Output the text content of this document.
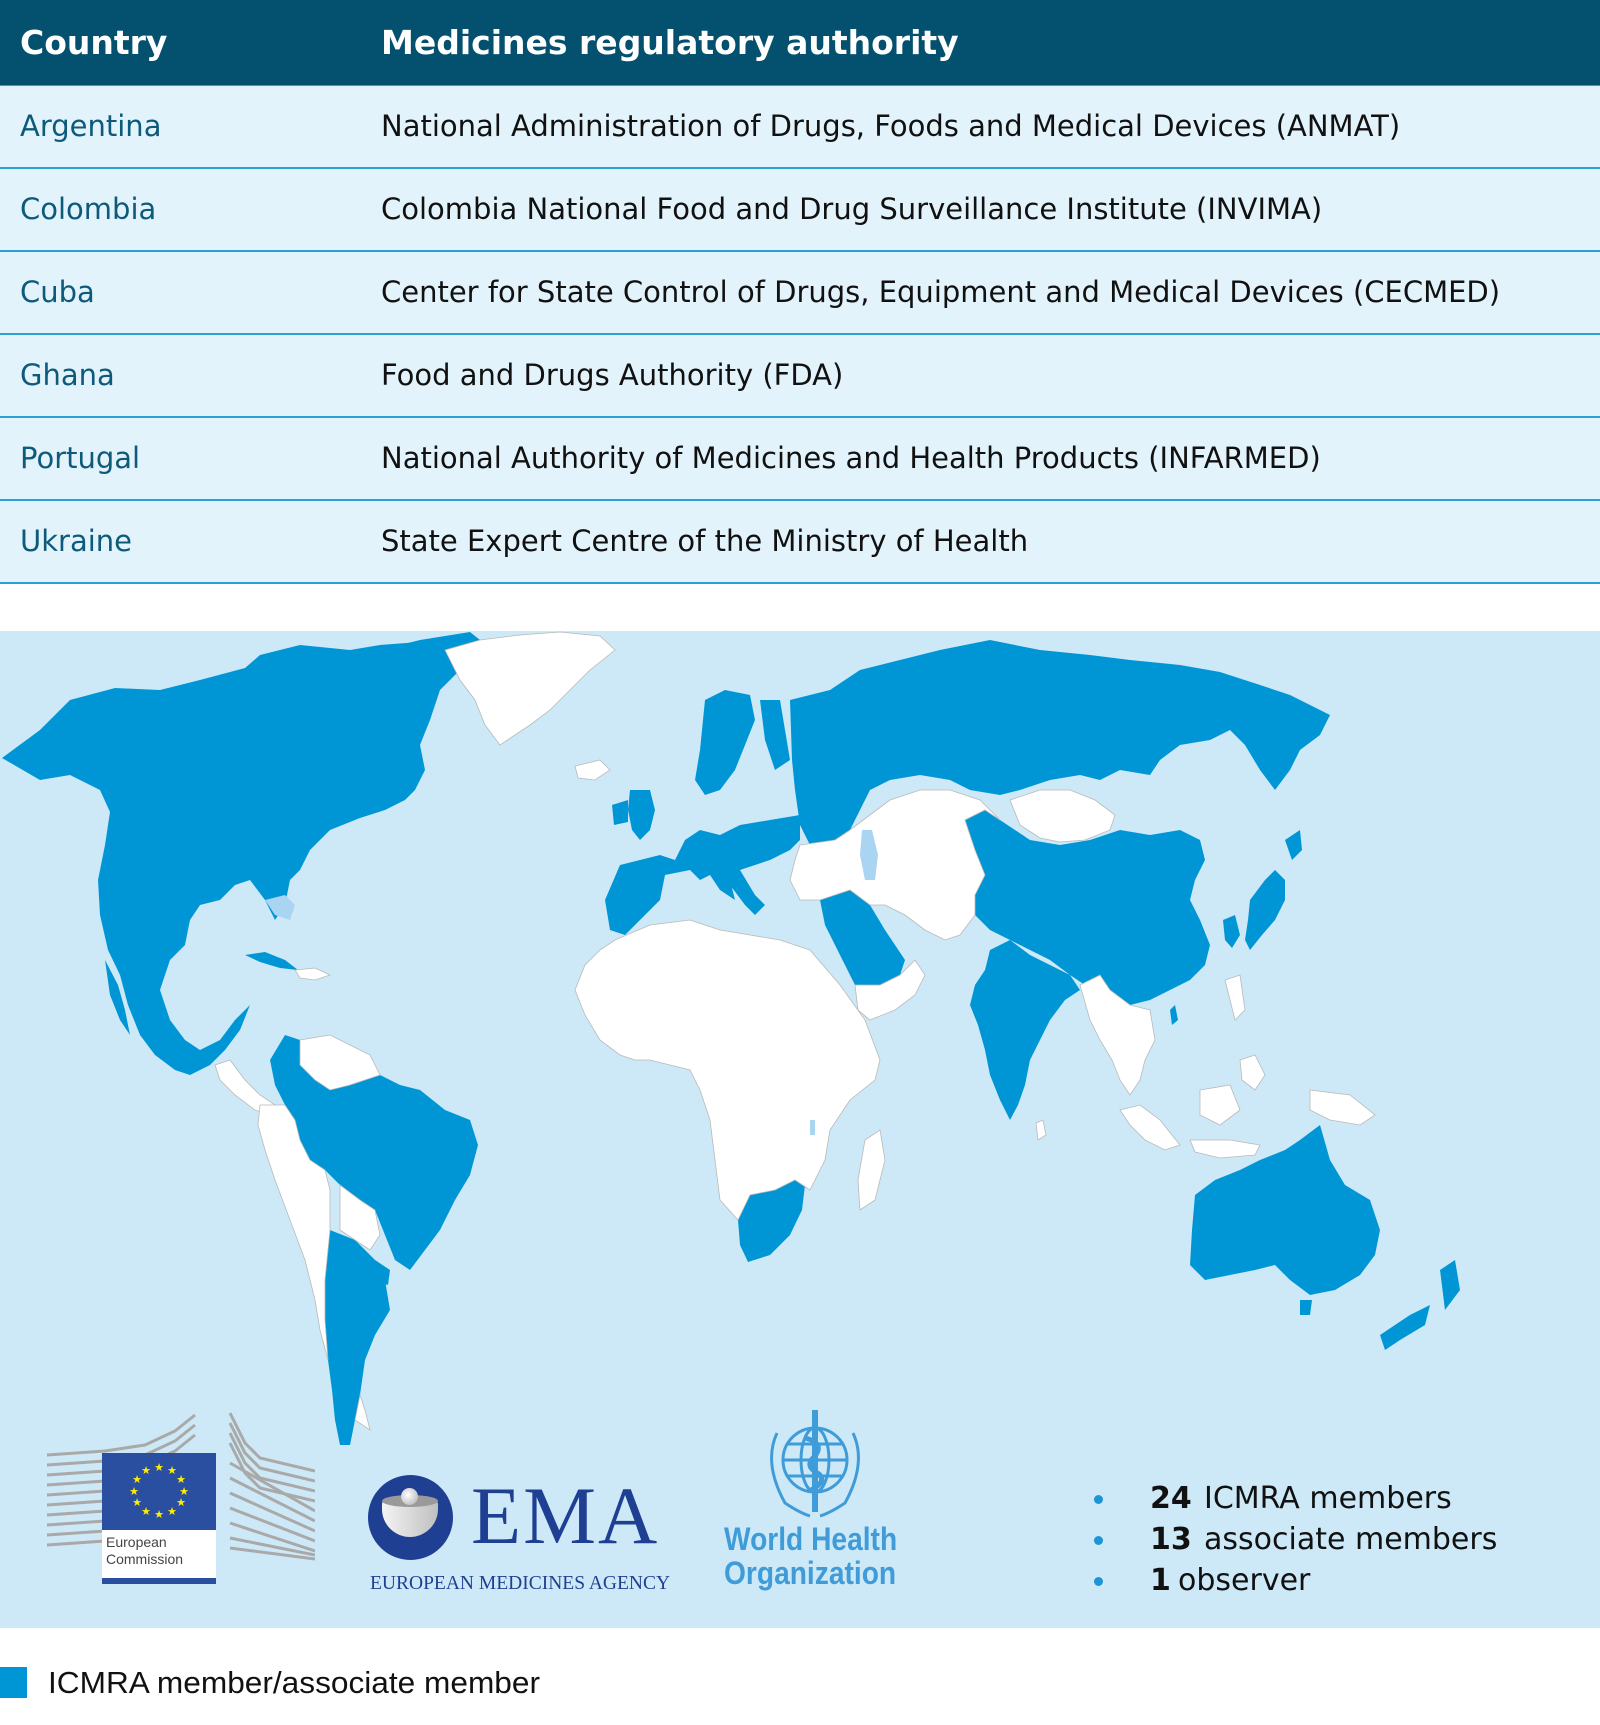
Country	Medicines regulatory authority
Argentina	National Administration of Drugs, Foods and Medical Devices (ANMAT)
Colombia	Colombia National Food and Drug Surveillance Institute (INVIMA)
Cuba	Center for State Control of Drugs, Equipment and Medical Devices (CECMED)
Ghana	Food and Drugs Authority (FDA)
Portugal	National Authority of Medicines and Health Products (INFARMED)
Ukraine	State Expert Centre of the Ministry of Health
★ ★
★
★
★
★
★
★
★
★
★
★
European
Commission	EMA
EUROPEAN MEDICINES AGENCY
World Health
Organization
24 ICMRA members
13 associate members
1 observer
ICMRA member/associate member
